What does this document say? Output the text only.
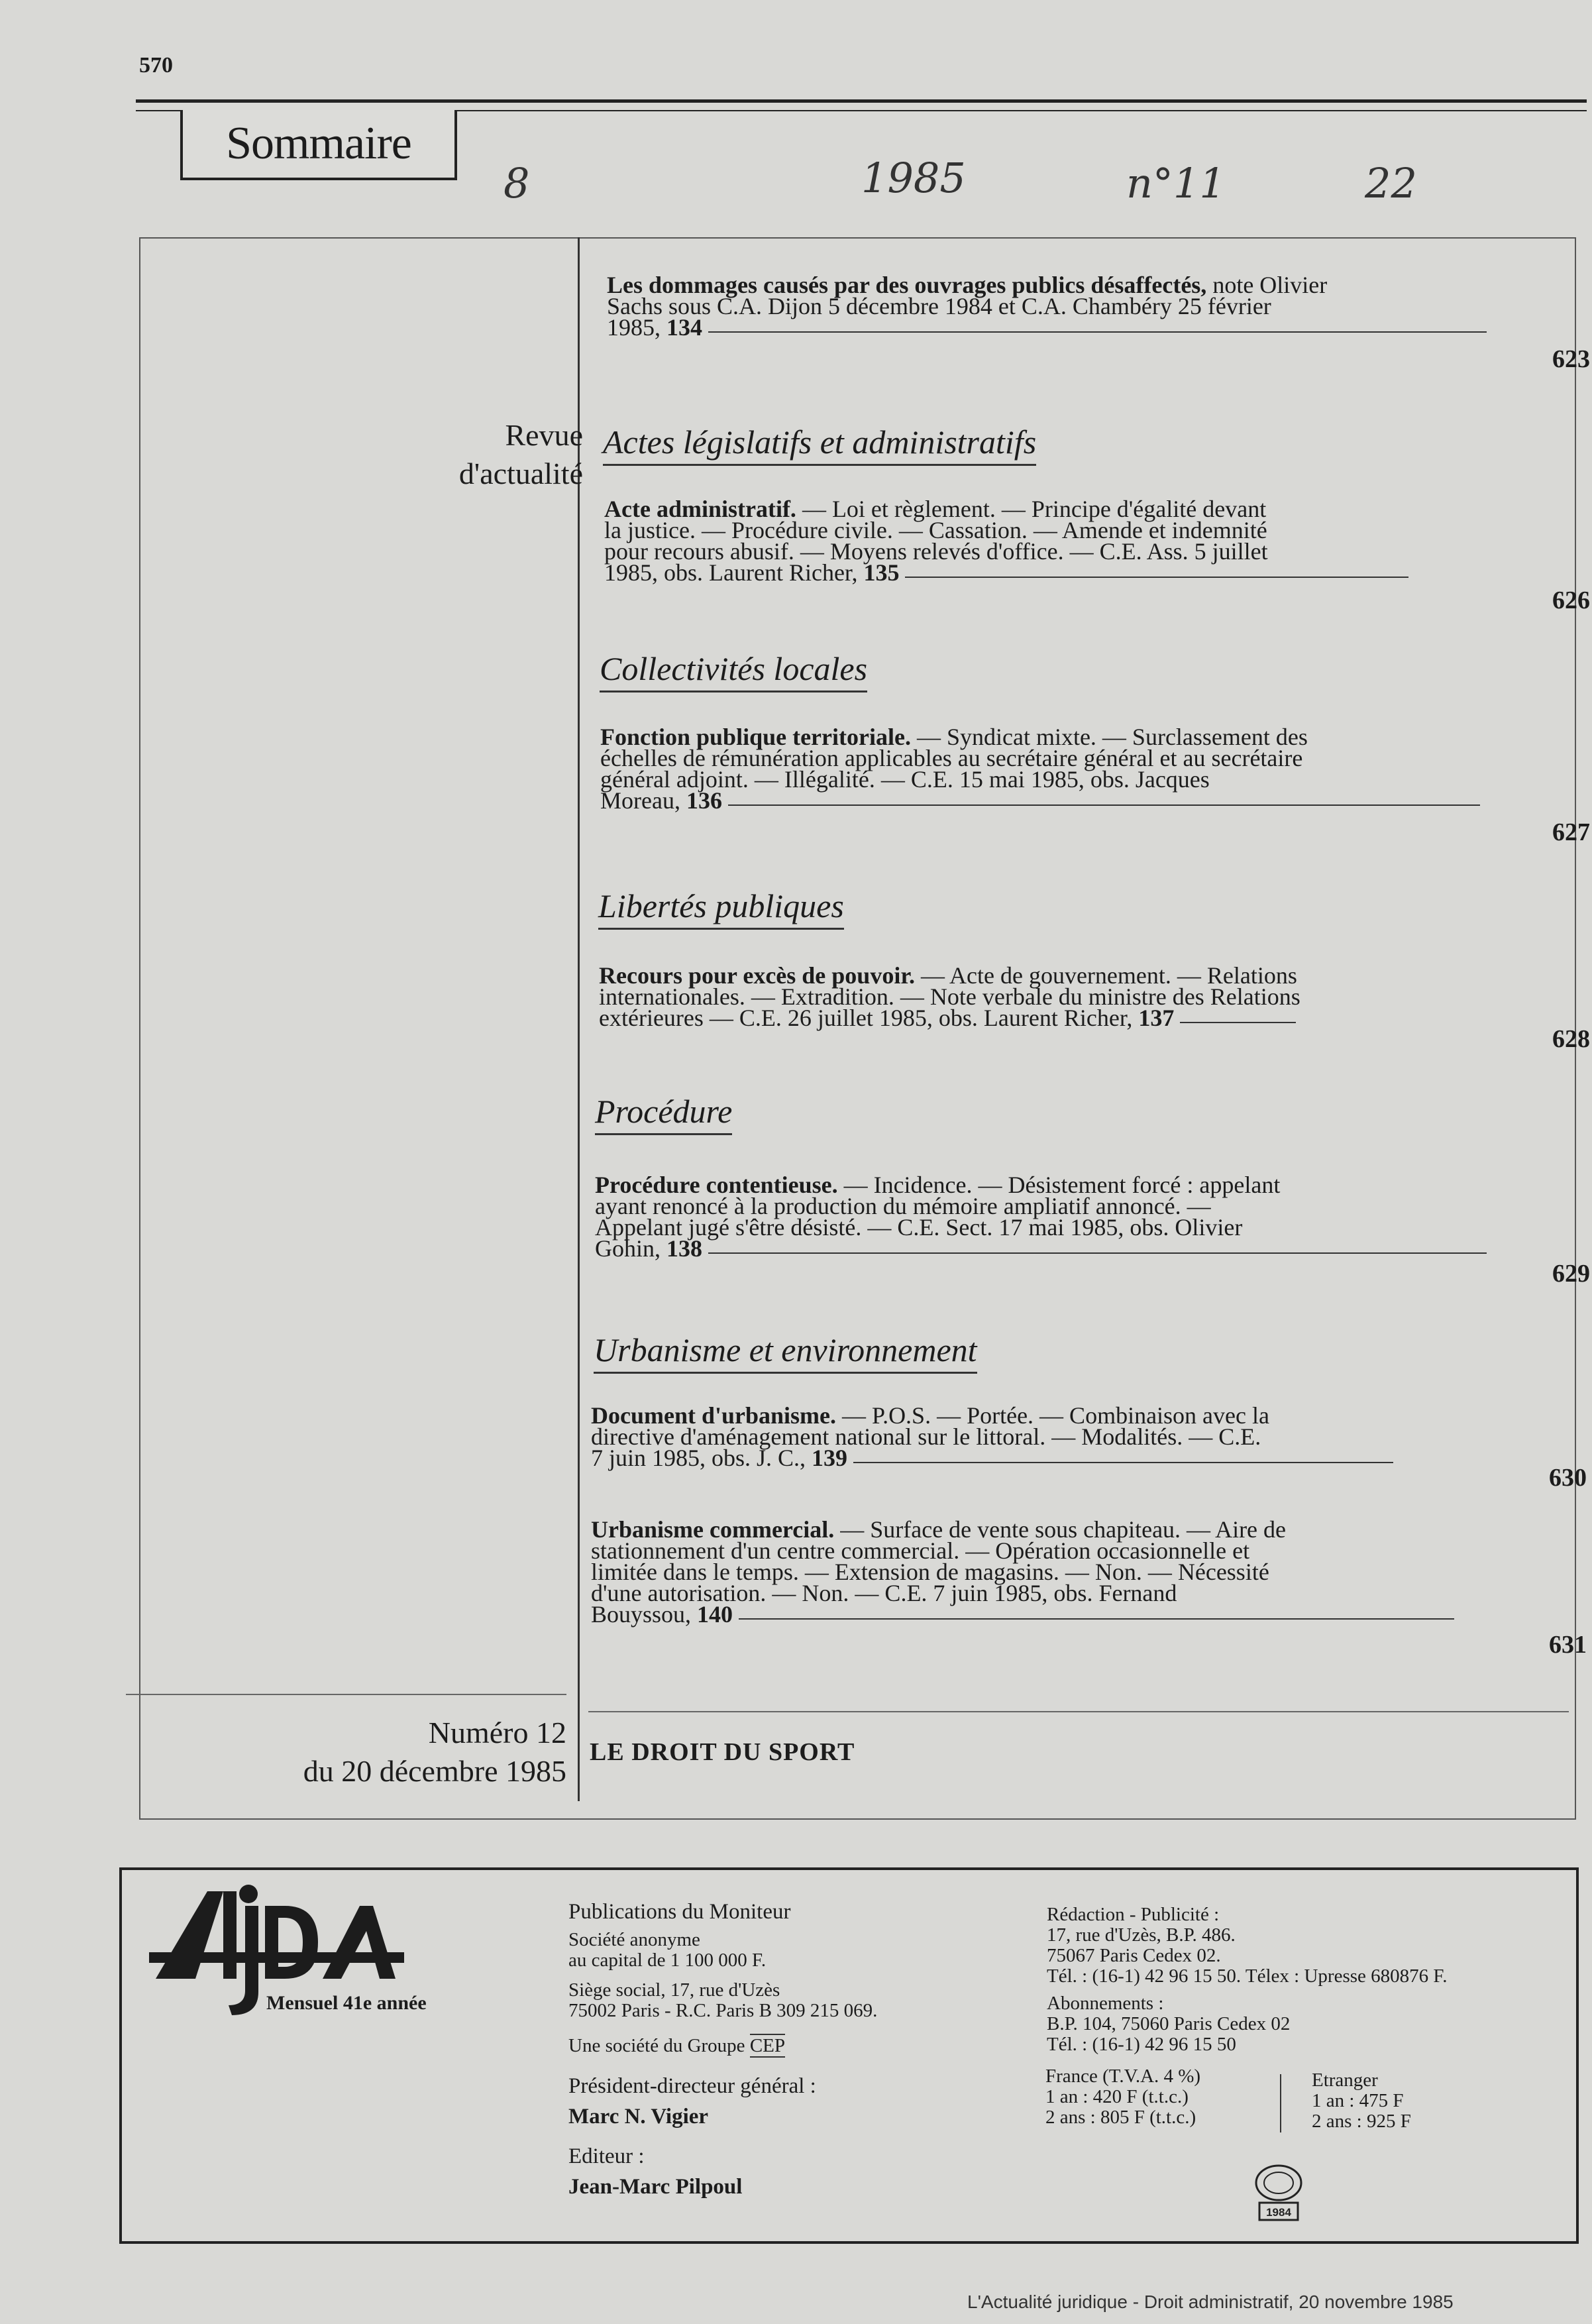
570
Sommaire
8	1985	n°11	22
Revue
d'actualité
Les dommages causés par des ouvrages publics désaffectés, note Olivier
Sachs sous C.A. Dijon 5 décembre 1984 et C.A. Chambéry 25 février
1985, 134
623
Actes législatifs et administratifs
Acte administratif. — Loi et règlement. — Principe d'égalité devant
la justice. — Procédure civile. — Cassation. — Amende et indemnité
pour recours abusif. — Moyens relevés d'office. — C.E. Ass. 5 juillet
1985, obs. Laurent Richer, 135
626
Collectivités locales
Fonction publique territoriale. — Syndicat mixte. — Surclassement des
échelles de rémunération applicables au secrétaire général et au secrétaire
général adjoint. — Illégalité. — C.E. 15 mai 1985, obs. Jacques
Moreau, 136
627
Libertés publiques
Recours pour excès de pouvoir. — Acte de gouvernement. — Relations
internationales. — Extradition. — Note verbale du ministre des Relations
extérieures — C.E. 26 juillet 1985, obs. Laurent Richer, 137
628
Procédure
Procédure contentieuse. — Incidence. — Désistement forcé : appelant
ayant renoncé à la production du mémoire ampliatif annoncé. —
Appelant jugé s'être désisté. — C.E. Sect. 17 mai 1985, obs. Olivier
Gohin, 138
629
Urbanisme et environnement
Document d'urbanisme. — P.O.S. — Portée. — Combinaison avec la
directive d'aménagement national sur le littoral. — Modalités. — C.E.
7 juin 1985, obs. J. C., 139
630
Urbanisme commercial. — Surface de vente sous chapiteau. — Aire de
stationnement d'un centre commercial. — Opération occasionnelle et
limitée dans le temps. — Extension de magasins. — Non. — Nécessité
d'une autorisation. — Non. — C.E. 7 juin 1985, obs. Fernand
Bouyssou, 140
631
Numéro 12
du 20 décembre 1985
LE DROIT DU SPORT
AJDA
Mensuel 41e année
Publications du Moniteur
Société anonyme
au capital de 1 100 000 F.
Siège social, 17, rue d'Uzès
75002 Paris - R.C. Paris B 309 215 069.
Une société du Groupe CEP
Président-directeur général :
Marc N. Vigier
Editeur :
Jean-Marc Pilpoul
Rédaction - Publicité :
17, rue d'Uzès, B.P. 486.
75067 Paris Cedex 02.
Tél. : (16-1) 42 96 15 50. Télex : Upresse 680876 F.
Abonnements :
B.P. 104, 75060 Paris Cedex 02
Tél. : (16-1) 42 96 15 50
France (T.V.A. 4 %)
1 an : 420 F (t.t.c.)
2 ans : 805 F (t.t.c.)
Etranger
1 an : 475 F
2 ans : 925 F
1984
L'Actualité juridique - Droit administratif, 20 novembre 1985
